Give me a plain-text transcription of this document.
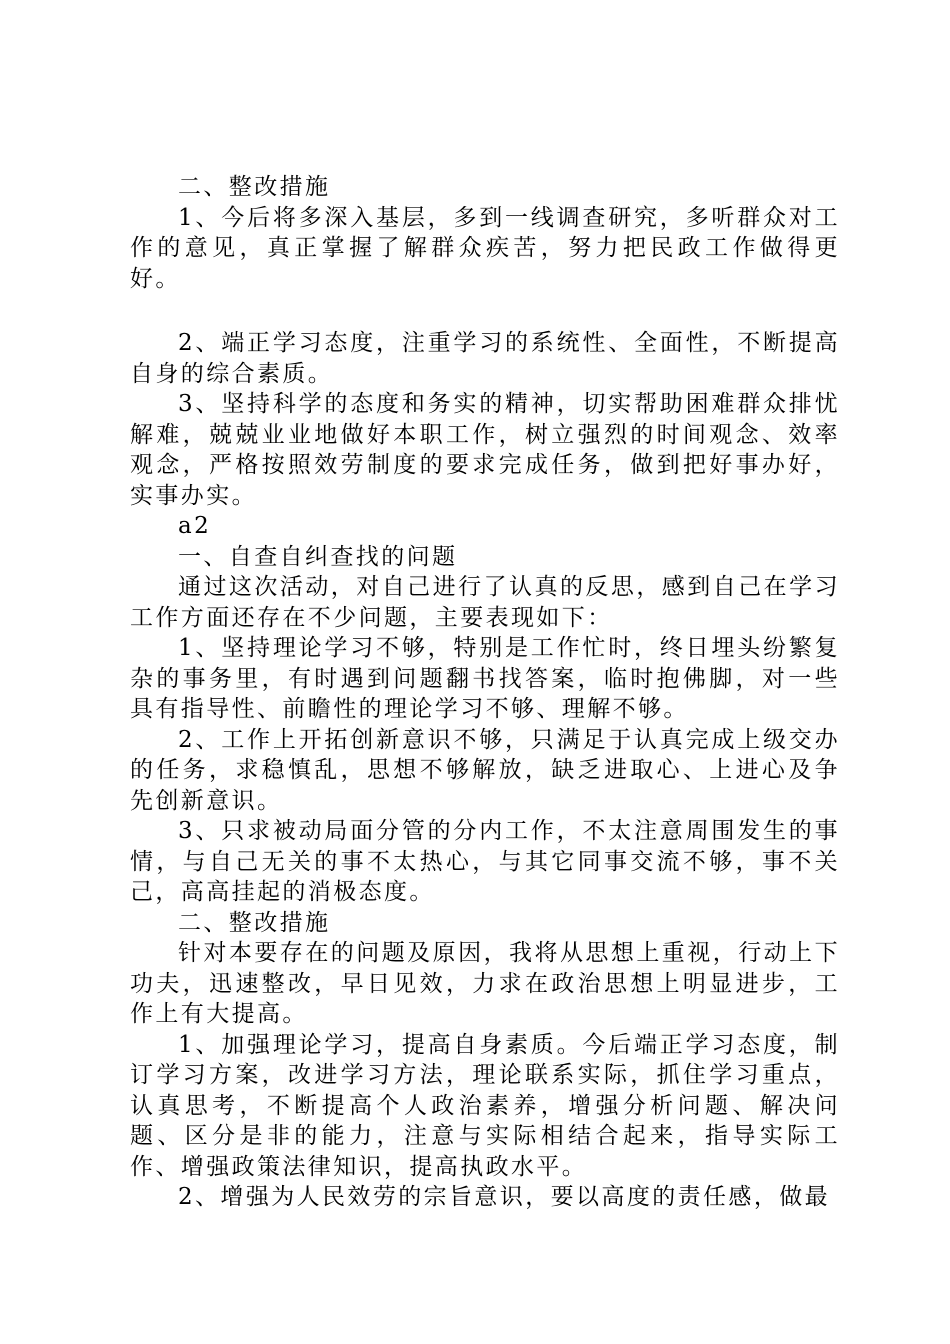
二、整改措施

1、今后将多深入基层，多到一线调查研究，多听群众对工作的意见，真正掌握了解群众疾苦，努力把民政工作做得更好。

2、端正学习态度，注重学习的系统性、全面性，不断提高自身的综合素质。

3、坚持科学的态度和务实的精神，切实帮助困难群众排忧解难，兢兢业业地做好本职工作，树立强烈的时间观念、效率观念，严格按照效劳制度的要求完成任务，做到把好事办好，实事办实。

a2

一、自查自纠查找的问题

通过这次活动，对自己进行了认真的反思，感到自己在学习工作方面还存在不少问题，主要表现如下：

1、坚持理论学习不够，特别是工作忙时，终日埋头纷繁复杂的事务里，有时遇到问题翻书找答案，临时抱佛脚，对一些具有指导性、前瞻性的理论学习不够、理解不够。

2、工作上开拓创新意识不够，只满足于认真完成上级交办的任务，求稳慎乱，思想不够解放，缺乏进取心、上进心及争先创新意识。

3、只求被动局面分管的分内工作，不太注意周围发生的事情，与自己无关的事不太热心，与其它同事交流不够，事不关己，高高挂起的消极态度。

二、整改措施

针对本要存在的问题及原因，我将从思想上重视，行动上下功夫，迅速整改，早日见效，力求在政治思想上明显进步，工作上有大提高。

1、加强理论学习，提高自身素质。今后端正学习态度，制订学习方案，改进学习方法，理论联系实际，抓住学习重点，认真思考，不断提高个人政治素养，增强分析问题、解决问题、区分是非的能力，注意与实际相结合起来，指导实际工作、增强政策法律知识，提高执政水平。

2、增强为人民效劳的宗旨意识，要以高度的责任感，做最
